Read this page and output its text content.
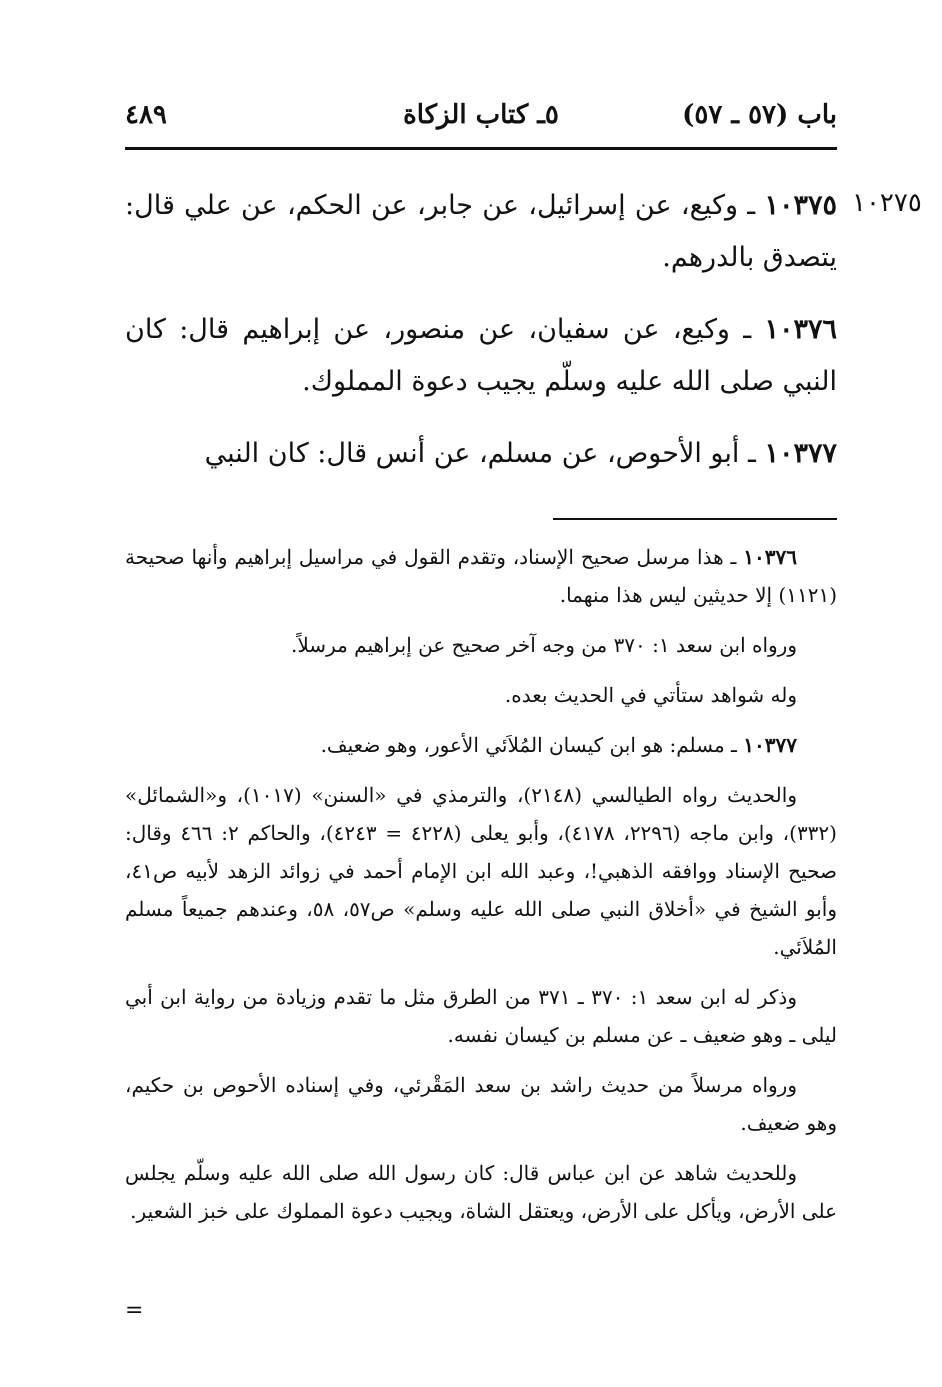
باب (٥٧ ـ ٥٧)
٥ـ كتاب الزكاة
٤٨٩
١٠٢٧٥

١٠٣٧٥ ـ وكيع، عن إسرائيل، عن جابر، عن الحكم، عن علي قال: يتصدق بالدرهم.

١٠٣٧٦ ـ وكيع، عن سفيان، عن منصور، عن إبراهيم قال: كان النبي صلى الله عليه وسلّم يجيب دعوة المملوك.

١٠٣٧٧ ـ أبو الأحوص، عن مسلم، عن أنس قال: كان النبي

١٠٣٧٦ ـ هذا مرسل صحيح الإسناد، وتقدم القول في مراسيل إبراهيم وأنها صحيحة (١١٢١) إلا حديثين ليس هذا منهما.

ورواه ابن سعد ١: ٣٧٠ من وجه آخر صحيح عن إبراهيم مرسلاً.

وله شواهد ستأتي في الحديث بعده.

١٠٣٧٧ ـ مسلم: هو ابن كيسان المُلاَئي الأعور، وهو ضعيف.

والحديث رواه الطيالسي (٢١٤٨)، والترمذي في «السنن» (١٠١٧)، و«الشمائل» (٣٣٢)، وابن ماجه (٢٢٩٦، ٤١٧٨)، وأبو يعلى (٤٢٢٨ = ٤٢٤٣)، والحاكم ٢: ٤٦٦ وقال: صحيح الإسناد ووافقه الذهبي!، وعبد الله ابن الإمام أحمد في زوائد الزهد لأبيه ص٤١، وأبو الشيخ في «أخلاق النبي صلى الله عليه وسلم» ص٥٧، ٥٨، وعندهم جميعاً مسلم المُلاَئي.

وذكر له ابن سعد ١: ٣٧٠ ـ ٣٧١ من الطرق مثل ما تقدم وزيادة من رواية ابن أبي ليلى ـ وهو ضعيف ـ عن مسلم بن كيسان نفسه.

ورواه مرسلاً من حديث راشد بن سعد المَقْرئي، وفي إسناده الأحوص بن حكيم، وهو ضعيف.

وللحديث شاهد عن ابن عباس قال: كان رسول الله صلى الله عليه وسلّم يجلس على الأرض، ويأكل على الأرض، ويعتقل الشاة، ويجيب دعوة المملوك على خبز الشعير.

=
